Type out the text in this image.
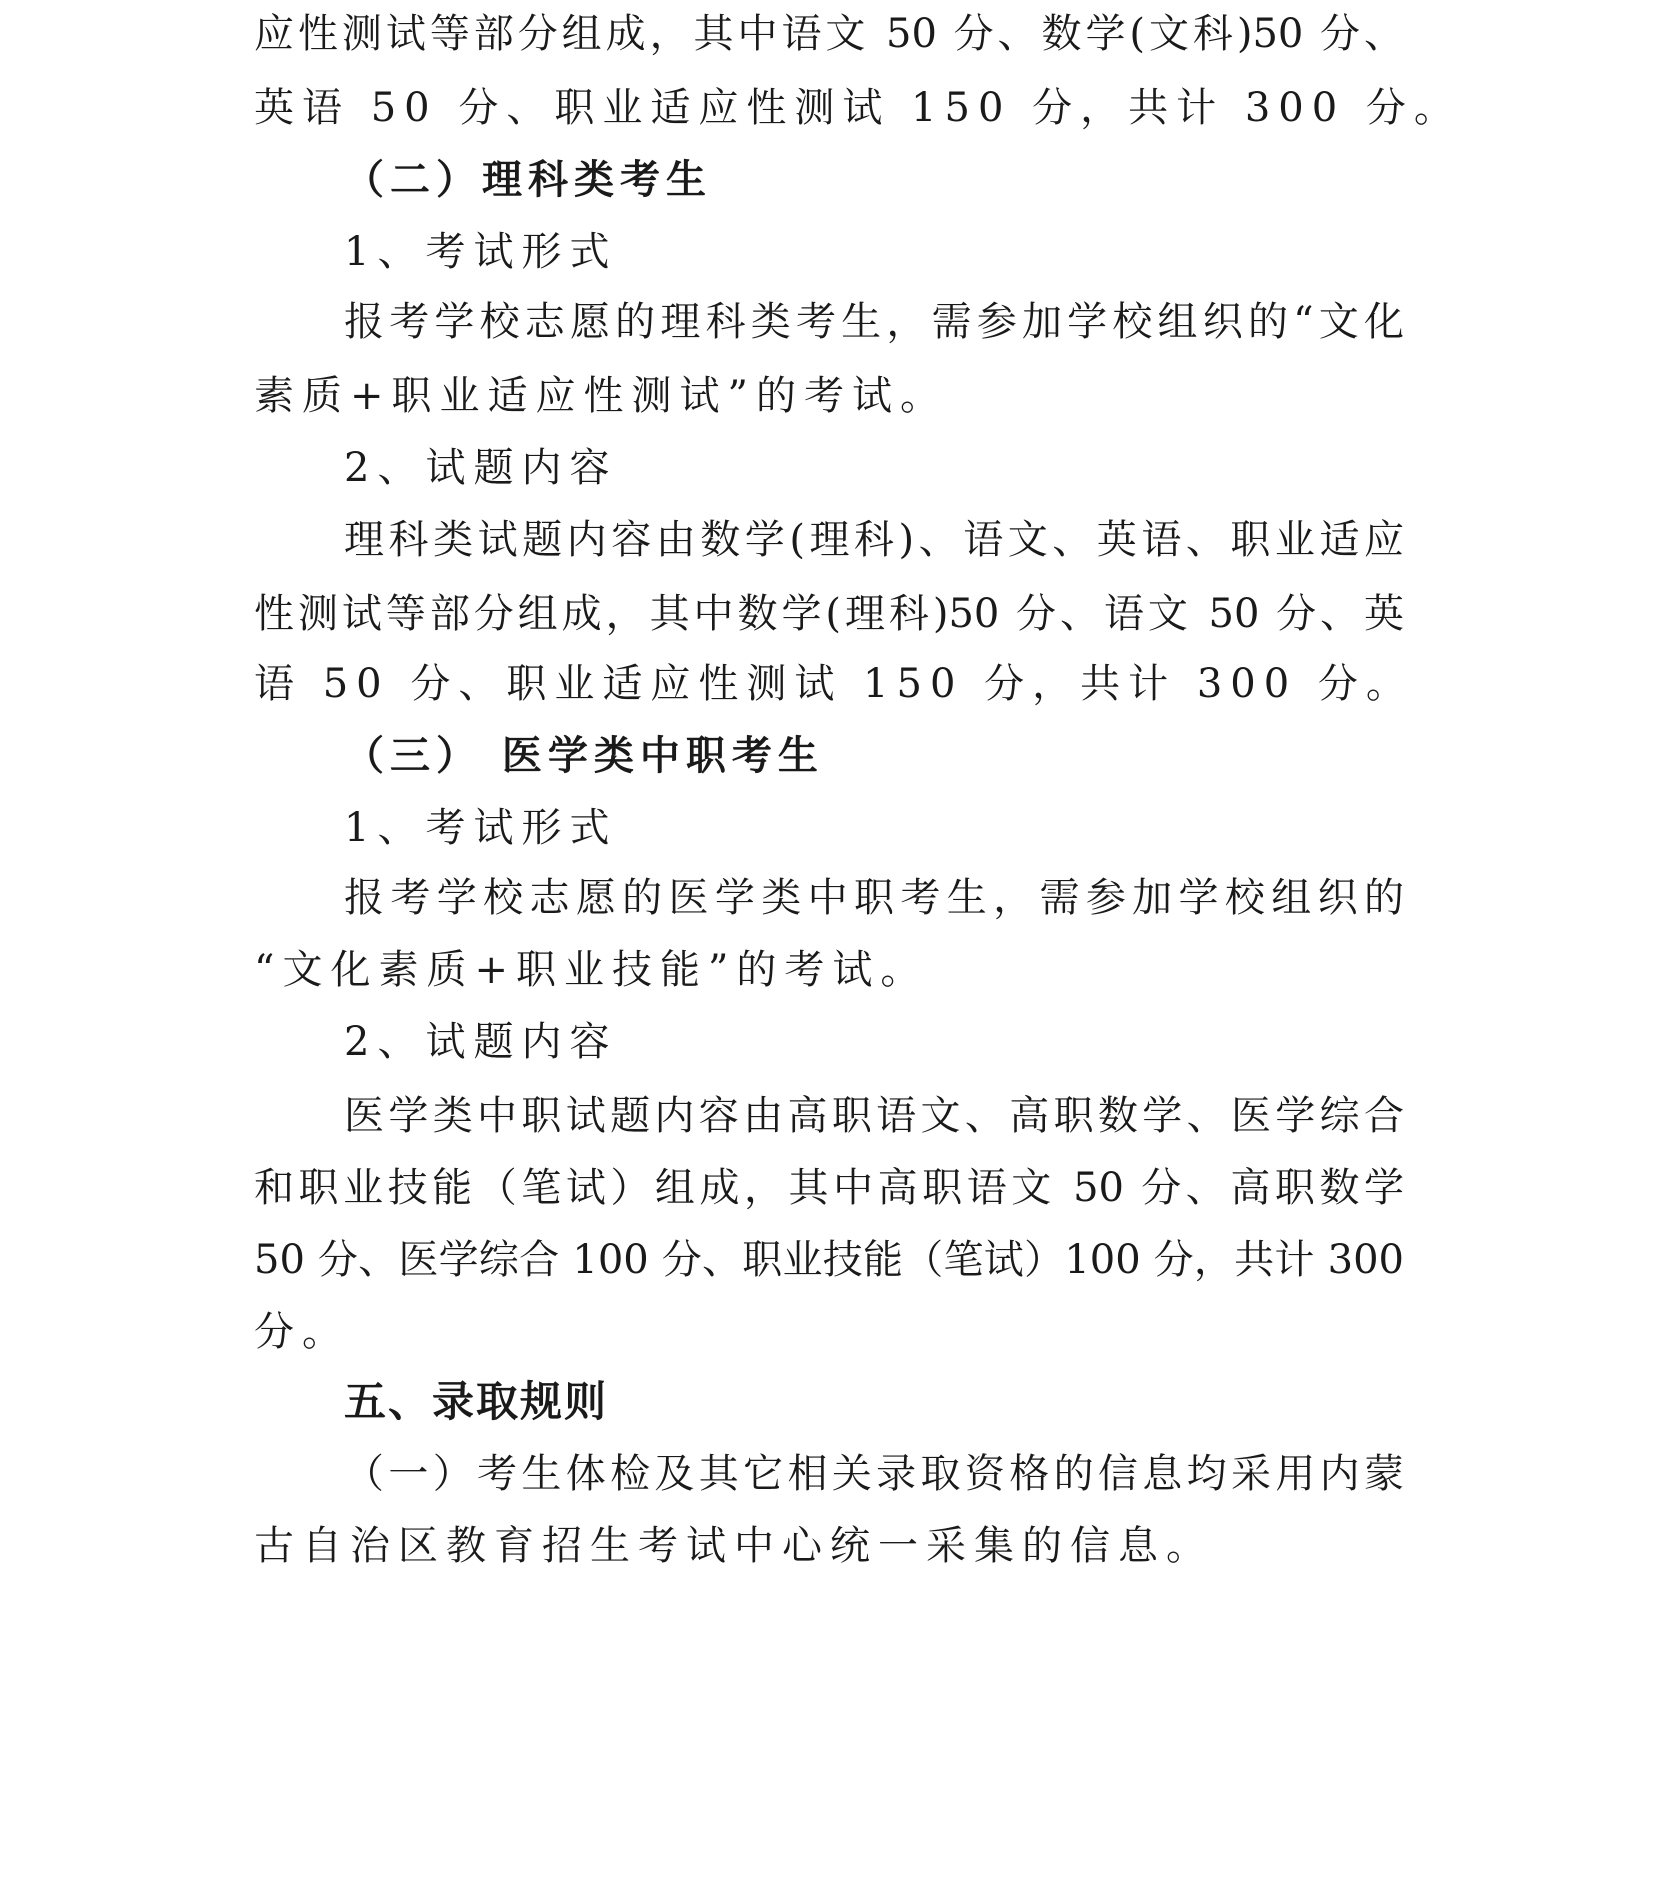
应性测试等部分组成，其中语文 50 分、数学(文科)50 分、
英语 50 分、职业适应性测试 150 分，共计 300 分。
（二）理科类考生
1、考试形式
报考学校志愿的理科类考生，需参加学校组织的“文化
素质+职业适应性测试”的考试。
2、试题内容
理科类试题内容由数学(理科)、语文、英语、职业适应
性测试等部分组成，其中数学(理科)50 分、语文 50 分、英
语 50 分、职业适应性测试 150 分，共计 300 分。
（三） 医学类中职考生
1、考试形式
报考学校志愿的医学类中职考生，需参加学校组织的
“文化素质+职业技能”的考试。
2、试题内容
医学类中职试题内容由高职语文、高职数学、医学综合
和职业技能（笔试）组成，其中高职语文 50 分、高职数学
50 分、医学综合 100 分、职业技能（笔试）100 分，共计 300
分。
五、录取规则
（一）考生体检及其它相关录取资格的信息均采用内蒙
古自治区教育招生考试中心统一采集的信息。
